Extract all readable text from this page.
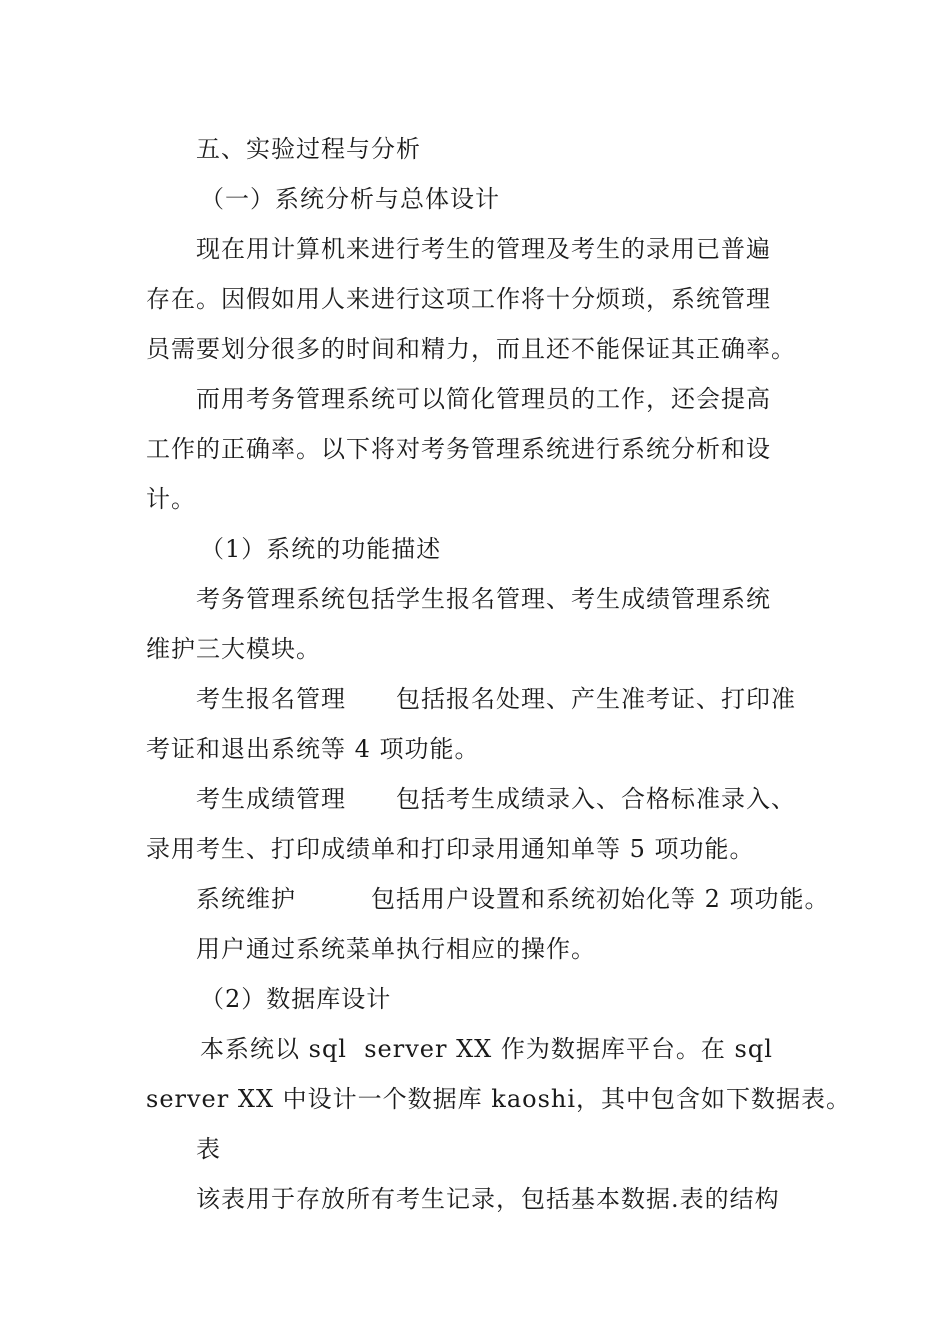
五、实验过程与分析
（一）系统分析与总体设计
现在用计算机来进行考生的管理及考生的录用已普遍
存在。因假如用人来进行这项工作将十分烦琐，系统管理
员需要划分很多的时间和精力，而且还不能保证其正确率。
而用考务管理系统可以简化管理员的工作，还会提高
工作的正确率。以下将对考务管理系统进行系统分析和设
计。
（1）系统的功能描述
考务管理系统包括学生报名管理、考生成绩管理系统
维护三大模块。
考生报名管理　　包括报名处理、产生准考证、打印准
考证和退出系统等 4 项功能。
考生成绩管理　　包括考生成绩录入、合格标准录入、
录用考生、打印成绩单和打印录用通知单等 5 项功能。
系统维护　　　包括用户设置和系统初始化等 2 项功能。
用户通过系统菜单执行相应的操作。
（2）数据库设计
本系统以 sql  server XX 作为数据库平台。在 sql
server XX 中设计一个数据库 kaoshi，其中包含如下数据表。
表
该表用于存放所有考生记录，包括基本数据.表的结构
